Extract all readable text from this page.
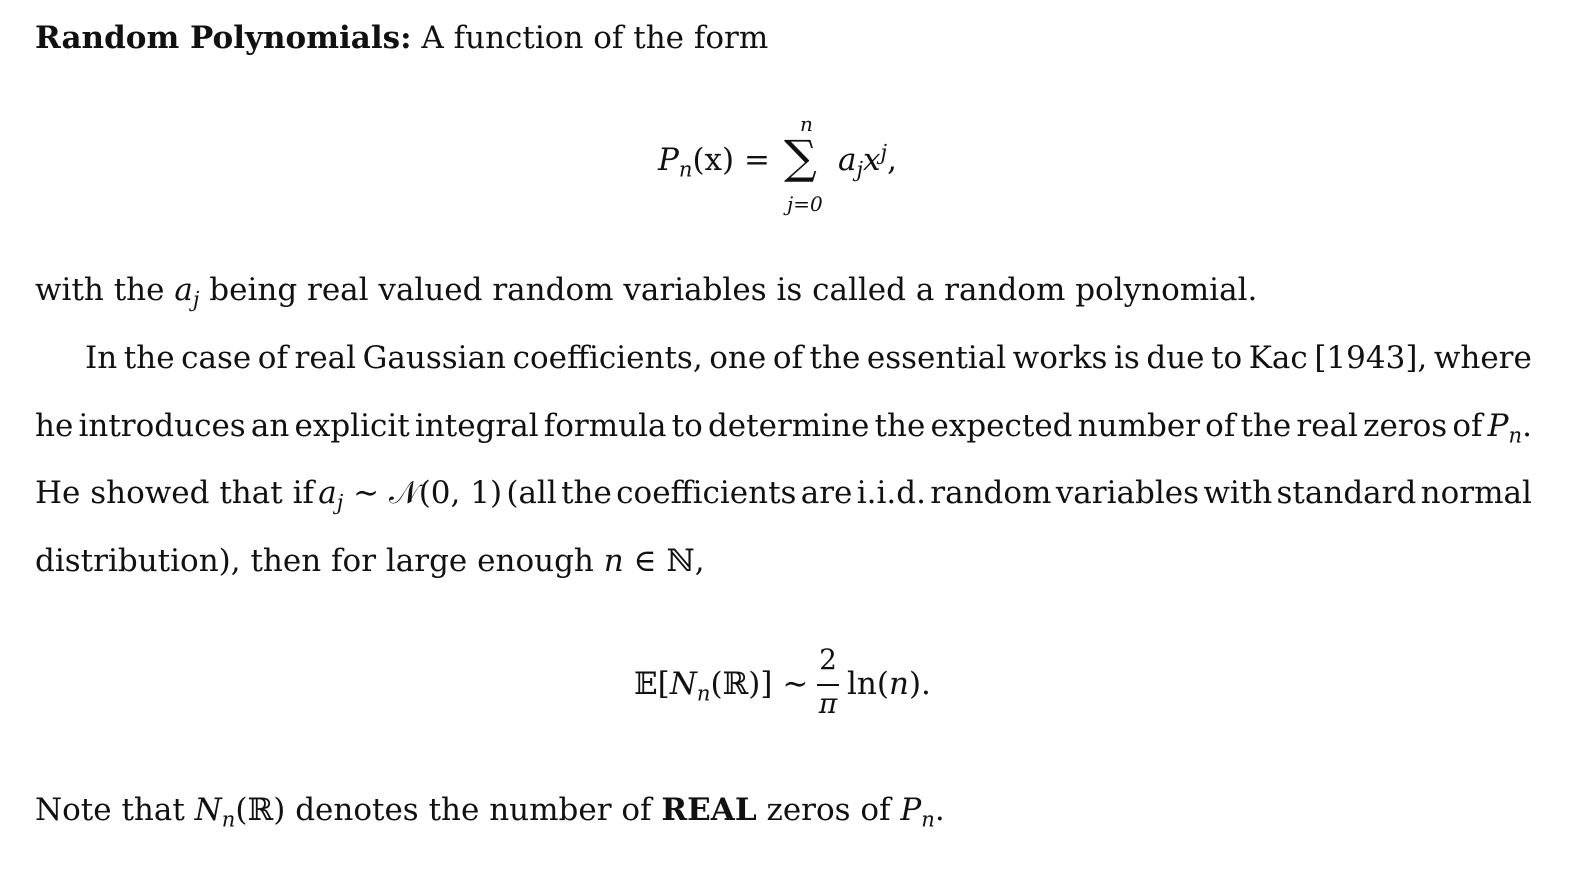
Random Polynomials: A function of the form
$P_n(x)$ =
n
∑
j=0
$a_jx^j$,
with the $a_j$ being real valued random variables is called a random polynomial.
In the case of real Gaussian coefficients, one of the essential works is due to Kac [1943], where
he introduces an explicit integral formula to determine the expected number of the real zeros of $P_n$.
He showed that if $a_j$ ∼ 𝒩(0, 1) (all the coefficients are i.i.d. random variables with standard normal
distribution), then for large enough n ∈ ℕ,
$𝔼[N_n(ℝ)]$ ∼
2
π
ln(n).
Note that $N_n(ℝ)$ denotes the number of REAL zeros of $P_n$.
